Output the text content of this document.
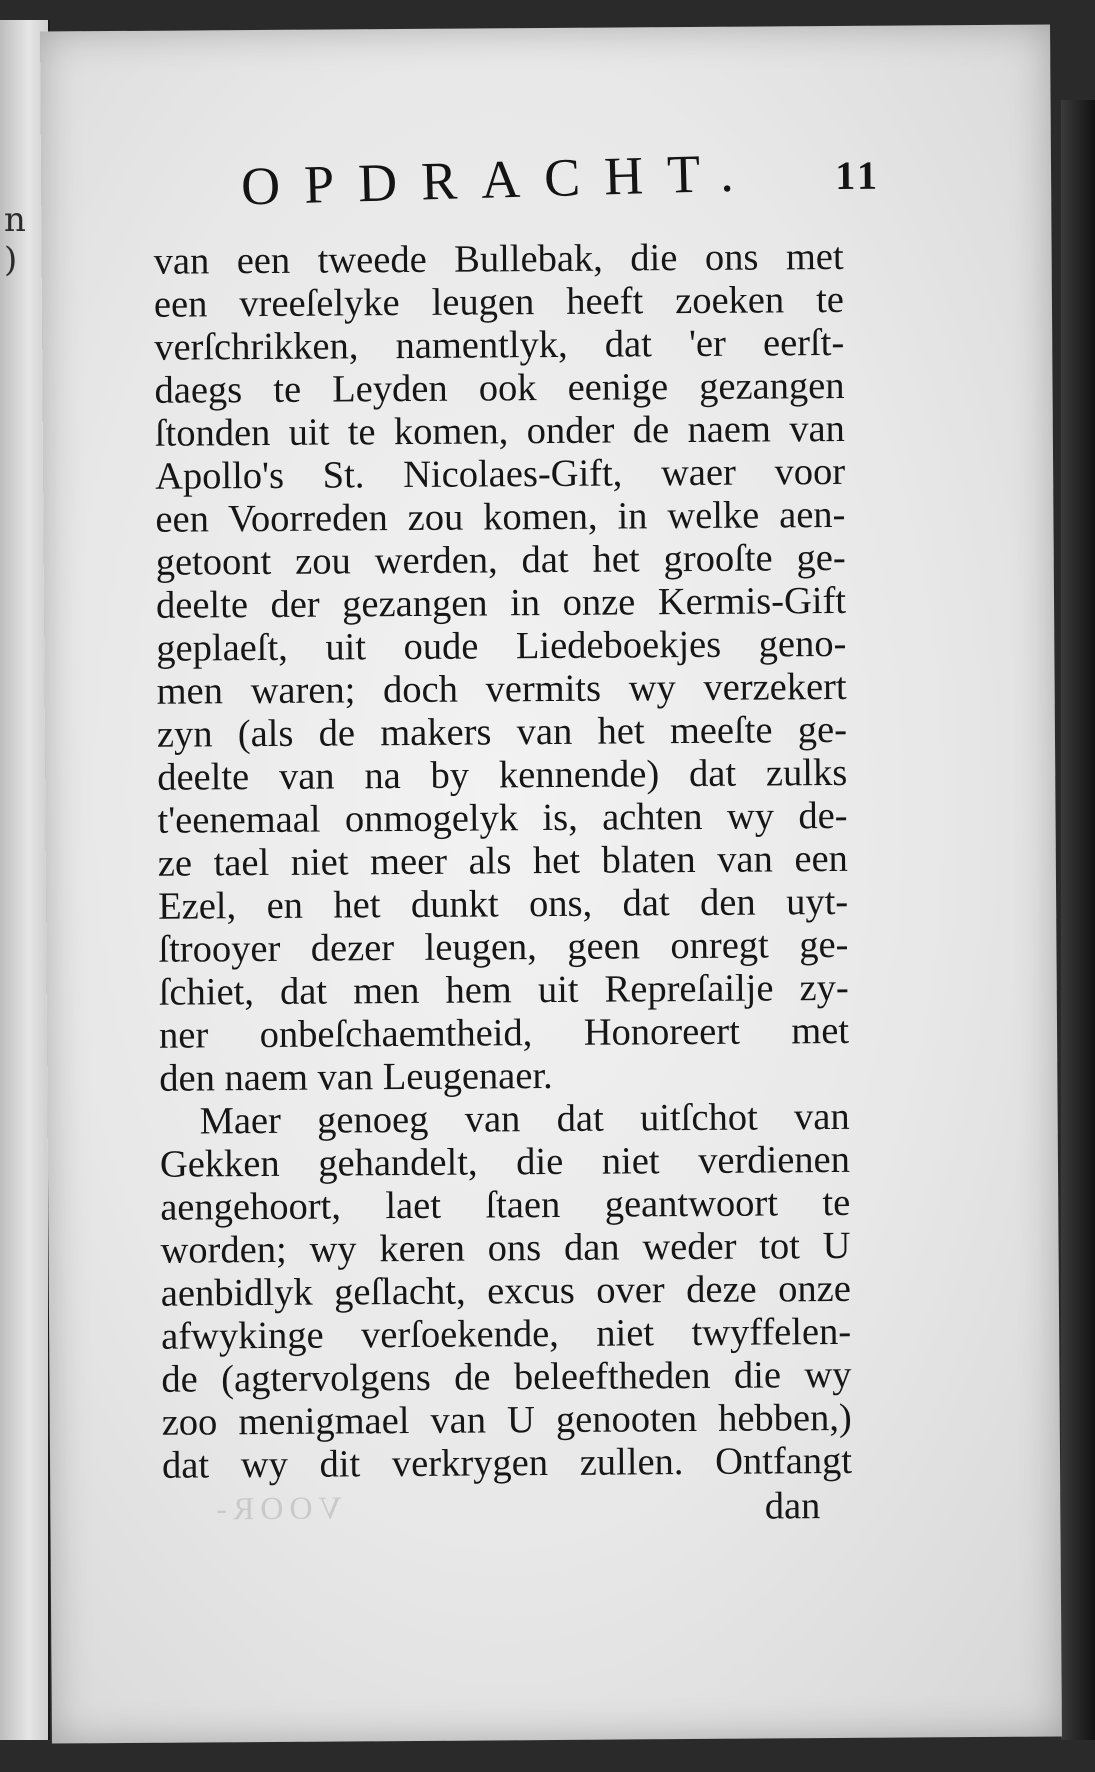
n
)
OPDRACHT. 11
van een tweede Bullebak, die ons met
een vreeſelyke leugen heeft zoeken te
verſchrikken, namentlyk, dat 'er eerſt-
daegs te Leyden ook eenige gezangen
ſtonden uit te komen, onder de naem van
Apollo's St. Nicolaes-Gift, waer voor
een Voorreden zou komen, in welke aen-
getoont zou werden, dat het grooſte ge-
deelte der gezangen in onze Kermis-Gift
geplaeſt, uit oude Liedeboekjes geno-
men waren; doch vermits wy verzekert
zyn (als de makers van het meeſte ge-
deelte van na by kennende) dat zulks
t'eenemaal onmogelyk is, achten wy de-
ze tael niet meer als het blaten van een
Ezel, en het dunkt ons, dat den uyt-
ſtrooyer dezer leugen, geen onregt ge-
ſchiet, dat men hem uit Repreſailje zy-
ner onbeſchaemtheid, Honoreert met
den naem van Leugenaer.
Maer genoeg van dat uitſchot van
Gekken gehandelt, die niet verdienen
aengehoort, laet ſtaen geantwoort te
worden; wy keren ons dan weder tot U
aenbidlyk geſlacht, excus over deze onze
afwykinge verſoekende, niet twyffelen-
de (agtervolgens de beleeftheden die wy
zoo menigmael van U genooten hebben,)
dat wy dit verkrygen zullen. Ontfangt
VOOR-	dan
